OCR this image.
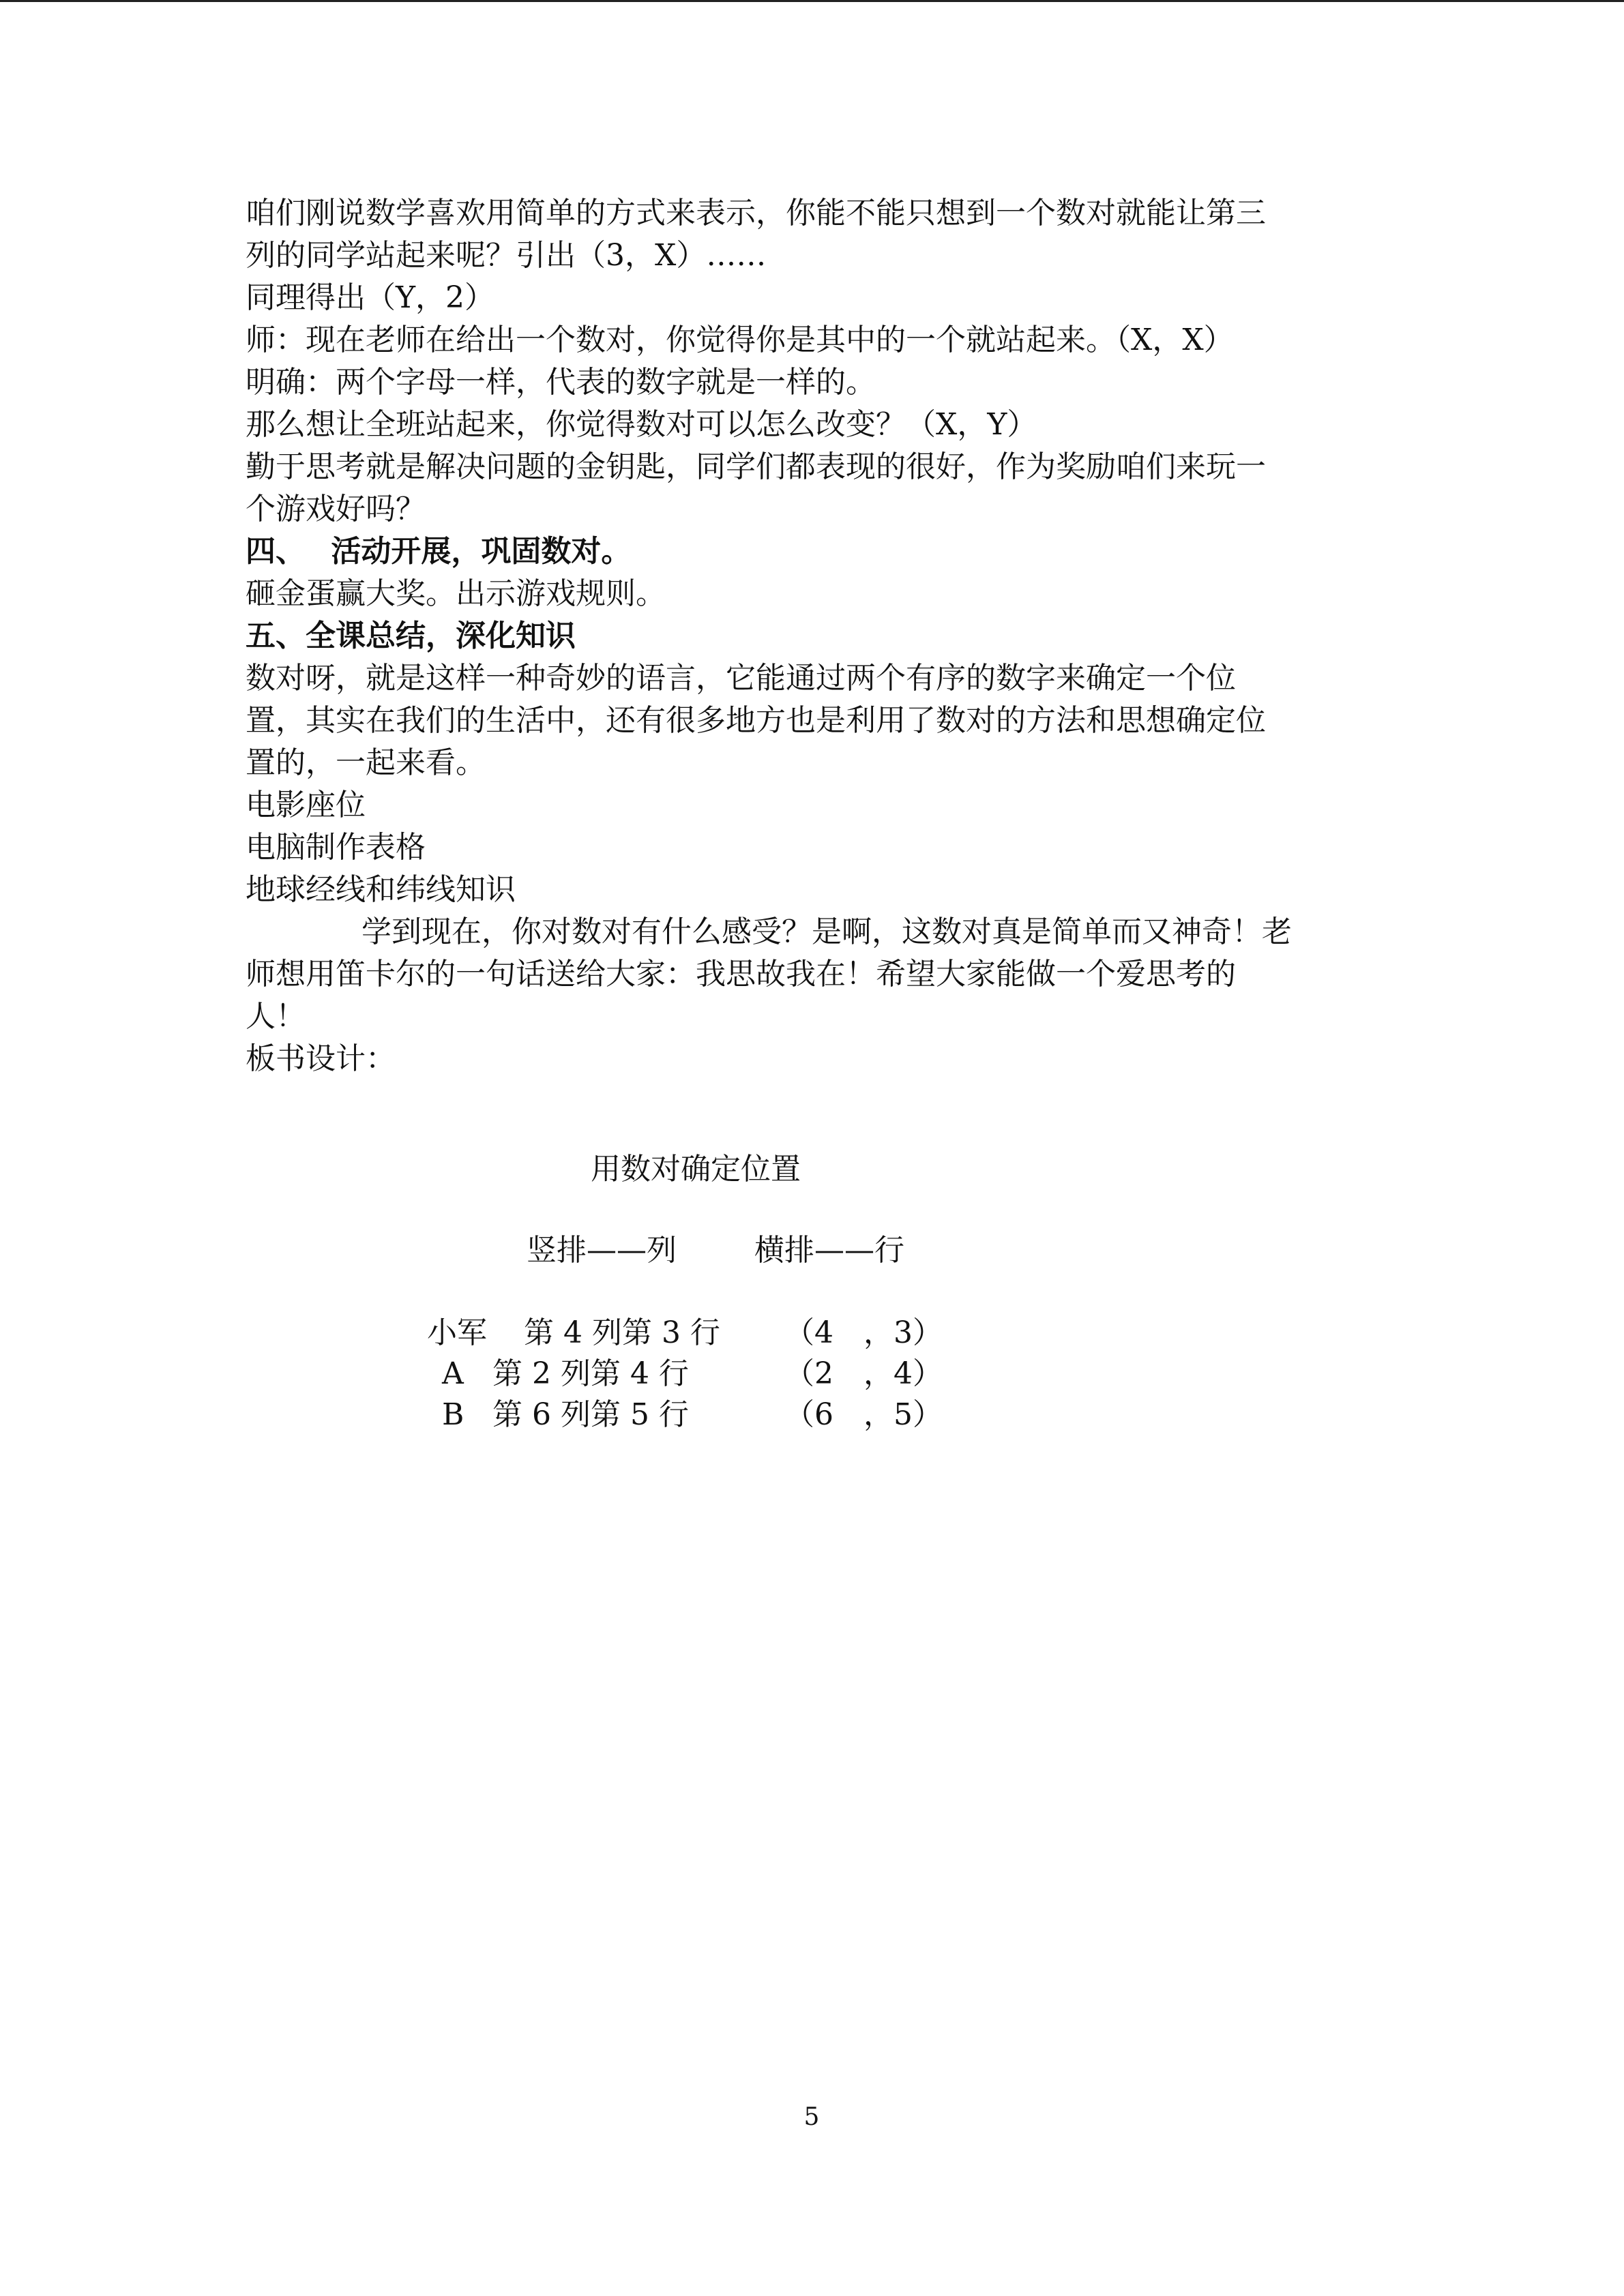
咱们刚说数学喜欢用简单的方式来表示，你能不能只想到一个数对就能让第三

列的同学站起来呢？引出（3，X）……

同理得出（Y，2）

师：现在老师在给出一个数对，你觉得你是其中的一个就站起来。（X，X）

明确：两个字母一样，代表的数字就是一样的。

那么想让全班站起来，你觉得数对可以怎么改变？（X，Y）

勤于思考就是解决问题的金钥匙，同学们都表现的很好，作为奖励咱们来玩一

个游戏好吗？

四、　 活动开展，巩固数对。

砸金蛋赢大奖。出示游戏规则。

五、全课总结，深化知识

数对呀，就是这样一种奇妙的语言，它能通过两个有序的数字来确定一个位

置，其实在我们的生活中，还有很多地方也是利用了数对的方法和思想确定位

置的，一起来看。

电影座位

电脑制作表格

地球经线和纬线知识

学到现在，你对数对有什么感受？是啊，这数对真是简单而又神奇！老

师想用笛卡尔的一句话送给大家：我思故我在！希望大家能做一个爱思考的

人！

板书设计：

用数对确定位置
竖排——列	横排——行
小军 第 4 列第 3 行 （4　，3）
A 第 2 列第 4 行	（2　，4）
B 第 6 列第 5 行	（6　，5）
5
